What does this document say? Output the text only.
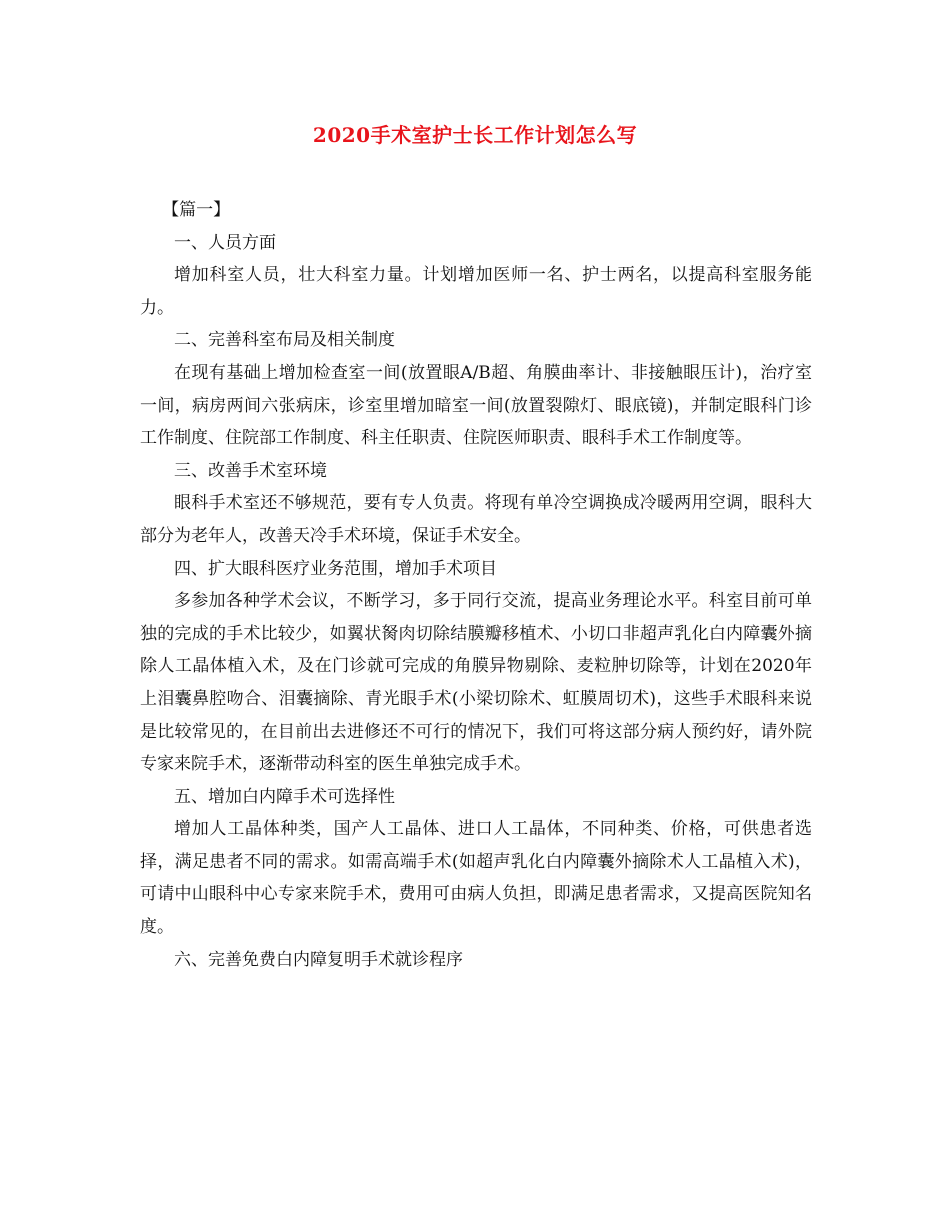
2020手术室护士长工作计划怎么写

【篇一】

一、人员方面

增加科室人员，壮大科室力量。计划增加医师一名、护士两名，以提高科室服务能力。

二、完善科室布局及相关制度

在现有基础上增加检查室一间(放置眼A/B超、角膜曲率计、非接触眼压计)，治疗室一间，病房两间六张病床，诊室里增加暗室一间(放置裂隙灯、眼底镜)，并制定眼科门诊工作制度、住院部工作制度、科主任职责、住院医师职责、眼科手术工作制度等。

三、改善手术室环境

眼科手术室还不够规范，要有专人负责。将现有单冷空调换成冷暖两用空调，眼科大部分为老年人，改善天冷手术环境，保证手术安全。

四、扩大眼科医疗业务范围，增加手术项目

多参加各种学术会议，不断学习，多于同行交流，提高业务理论水平。科室目前可单独的完成的手术比较少，如翼状胬肉切除结膜瓣移植术、小切口非超声乳化白内障囊外摘除人工晶体植入术，及在门诊就可完成的角膜异物剔除、麦粒肿切除等，计划在2020年上泪囊鼻腔吻合、泪囊摘除、青光眼手术(小梁切除术、虹膜周切术)，这些手术眼科来说是比较常见的，在目前出去进修还不可行的情况下，我们可将这部分病人预约好，请外院专家来院手术，逐渐带动科室的医生单独完成手术。

五、增加白内障手术可选择性

增加人工晶体种类，国产人工晶体、进口人工晶体，不同种类、价格，可供患者选择，满足患者不同的需求。如需高端手术(如超声乳化白内障囊外摘除术人工晶植入术)，可请中山眼科中心专家来院手术，费用可由病人负担，即满足患者需求，又提高医院知名度。

六、完善免费白内障复明手术就诊程序
